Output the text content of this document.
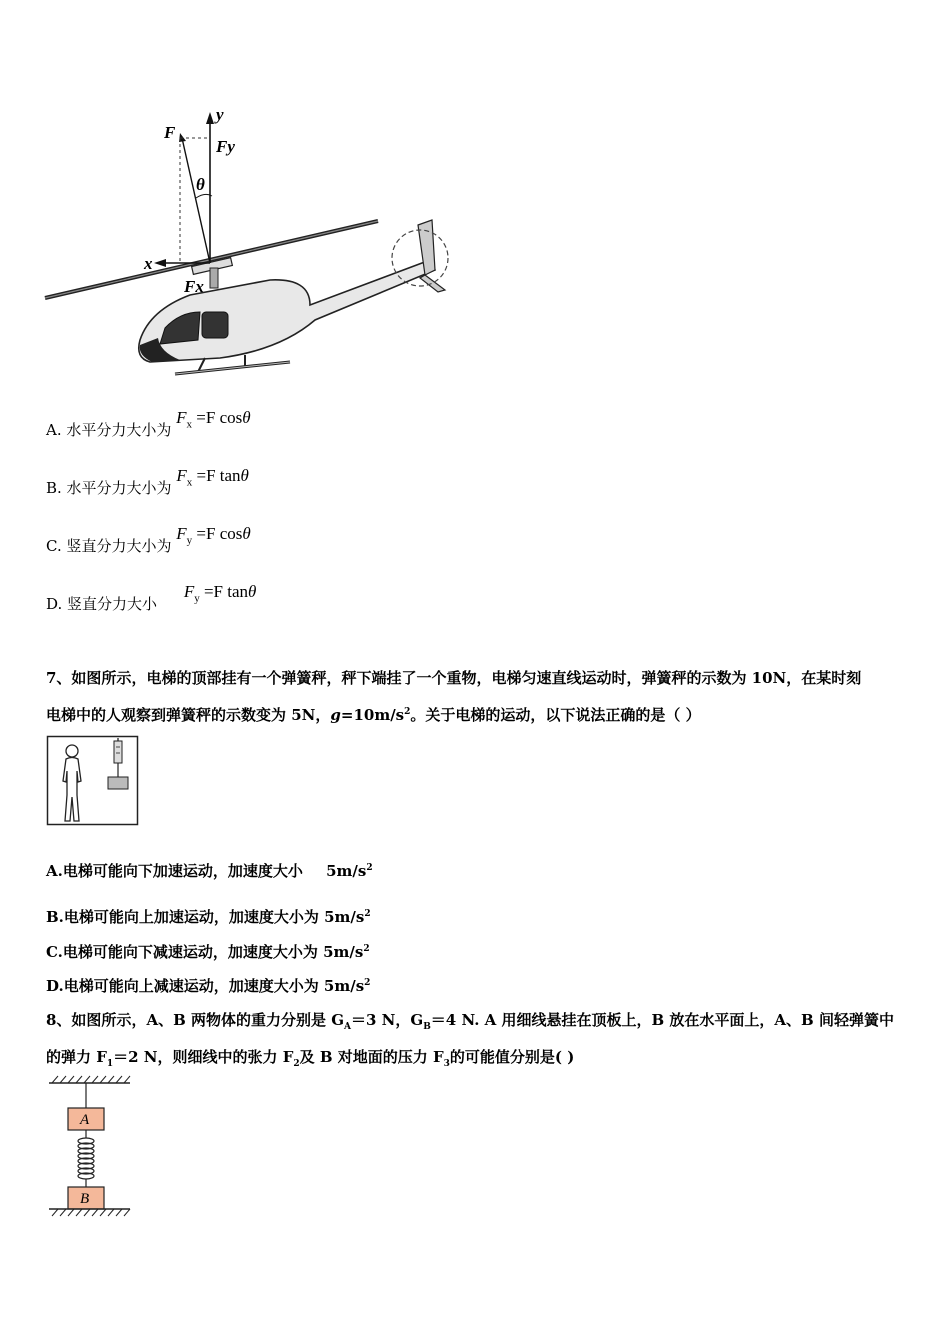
F
y
Fy
θ
x
Fx
A. 水平分力大小为 $F_x =F$ cosθ
B. 水平分力大小为 $F_x =F$ tanθ
C. 竖直分力大小为 $F_y =F$ cosθ
D. 竖直分力大小 $F_y =F$ tanθ
7、如图所示，电梯的顶部挂有一个弹簧秤，秤下端挂了一个重物，电梯匀速直线运动时，弹簧秤的示数为 10N，在某时刻
电梯中的人观察到弹簧秤的示数变为 5N，$g=10m/s^2$。关于电梯的运动，以下说法正确的是（ ）
A.电梯可能向下加速运动，加速度大小 $5m/s^2$
B.电梯可能向上加速运动，加速度大小为 $5m/s^2$
C.电梯可能向下减速运动，加速度大小为 $5m/s^2$
D.电梯可能向上减速运动，加速度大小为 $5m/s^2$
8、如图所示，A、B 两物体的重力分别是 $G_A=3$ N，$G_B=4$ N. A 用细线悬挂在顶板上，B 放在水平面上，A、B 间轻弹簧中
的弹力 $F_1=2$ N，则细线中的张力 $F_2$及 B 对地面的压力 $F_3$的可能值分别是( )
A
B
